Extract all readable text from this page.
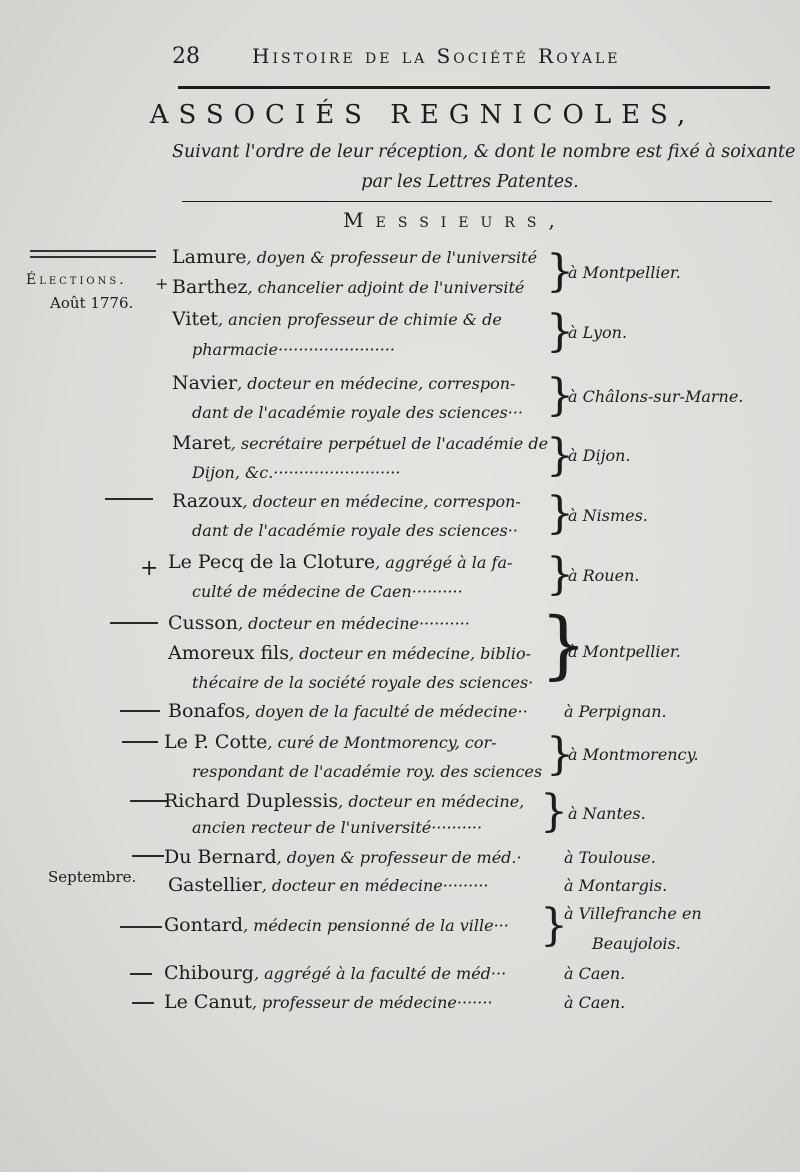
28	Histoire de la Société Royale
ASSOCIÉS REGNICOLES,
Suivant l'ordre de leur réception, & dont le nombre est fixé à soixante
par les Lettres Patentes.
Messieurs,
Élections.
Août 1776.
Septembre.
+
+
Lamure, doyen & professeur de l'université
Barthez, chancelier adjoint de l'université }
à Montpellier.
Vitet, ancien professeur de chimie & de
pharmacie·······················	}
à Lyon.
Navier, docteur en médecine, correspon-
dant de l'académie royale des sciences··· }
à Châlons-sur-Marne.
Maret, secrétaire perpétuel de l'académie de
Dijon, &c.·························	}
à Dijon.
Razoux, docteur en médecine, correspon-
dant de l'académie royale des sciences·· }
à Nismes.
Le Pecq de la Cloture, aggrégé à la fa-
culté de médecine de Caen·········· }
à Rouen.
Cusson, docteur en médecine··········
Amoreux fils, docteur en médecine, biblio-
thécaire de la société royale des sciences· }
à Montpellier.
Bonafos, doyen de la faculté de médecine·· à Perpignan.
Le P. Cotte, curé de Montmorency, cor-
respondant de l'académie roy. des sciences }
à Montmorency.
Richard Duplessis, docteur en médecine,
ancien recteur de l'université·········· } à Nantes.
Du Bernard, doyen & professeur de méd.·	à Toulouse.
Gastellier, docteur en médecine·········	à Montargis.
Gontard, médecin pensionné de la ville··· }
à Villefranche en
Beaujolois.
Chibourg, aggrégé à la faculté de méd···	à Caen.
Le Canut, professeur de médecine·······	à Caen.
